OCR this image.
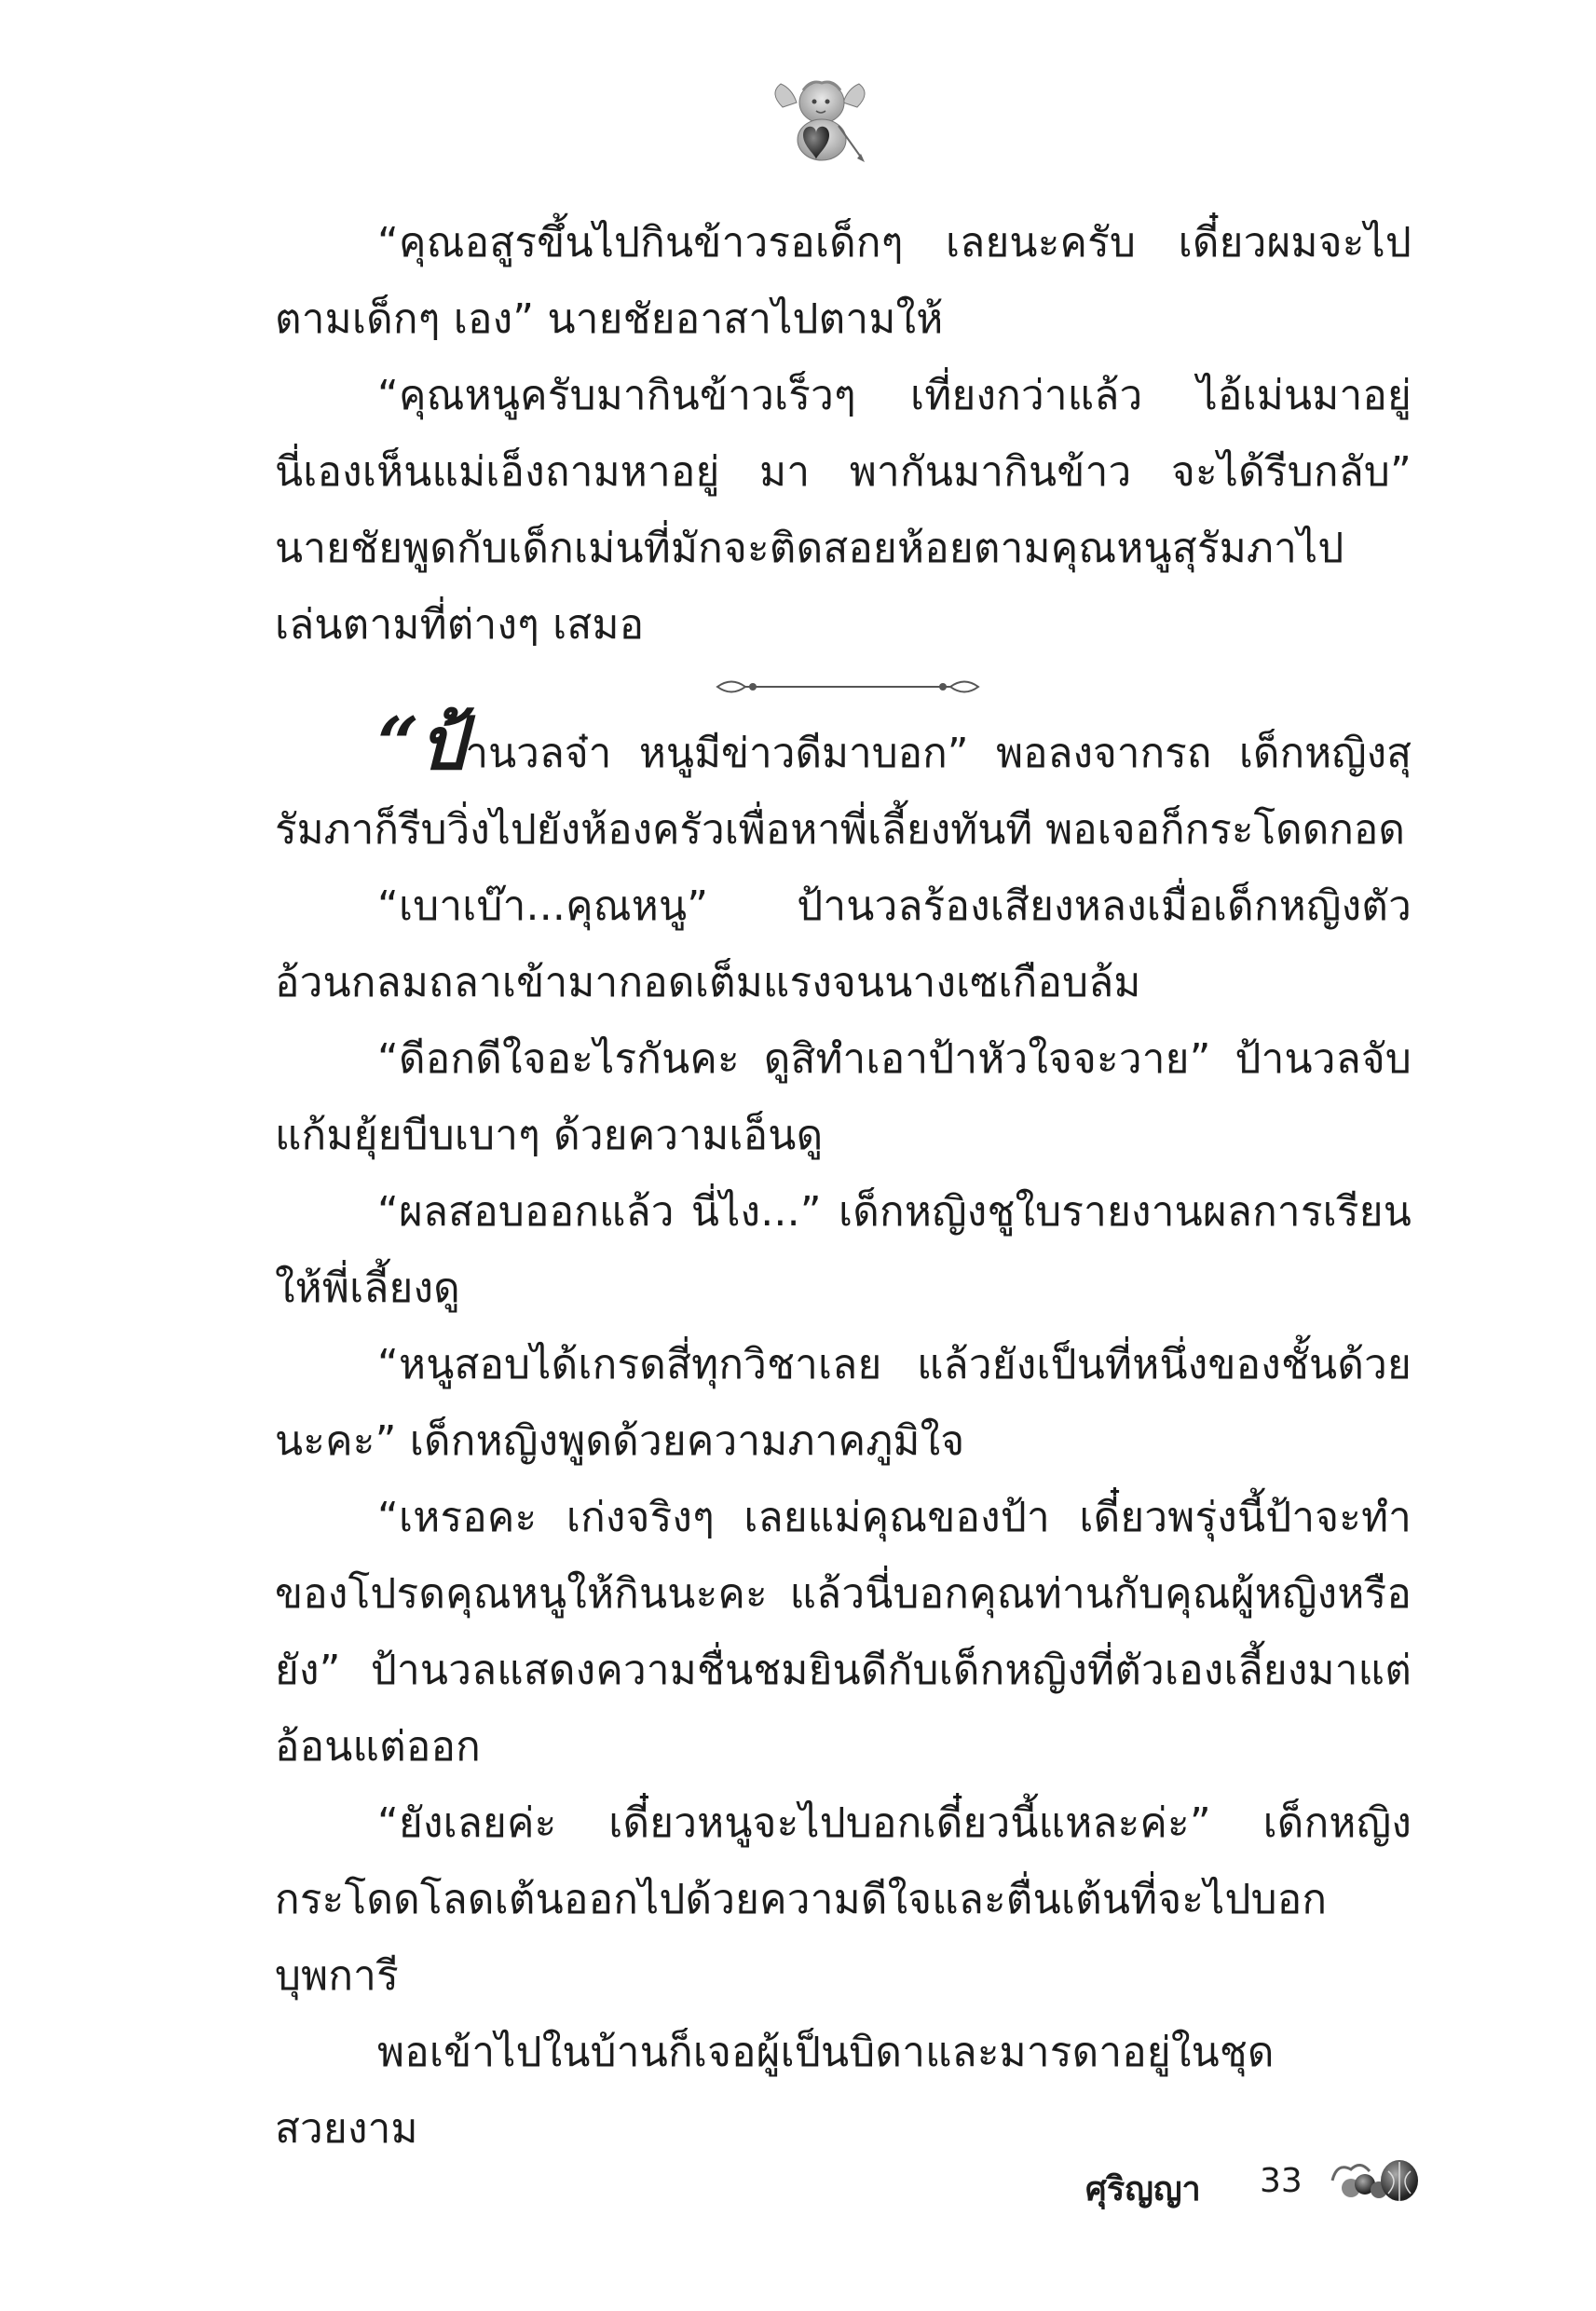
“คุณอสูรขึ้นไปกินข้าวรอเด็กๆ เลยนะครับ เดี๋ยวผมจะไปตามเด็กๆ เอง” นายชัยอาสาไปตามให้

“คุณหนูครับมากินข้าวเร็วๆ เที่ยงกว่าแล้ว ไอ้เม่นมาอยู่นี่เองเห็นแม่เอ็งถามหาอยู่ มา พากันมากินข้าว จะได้รีบกลับ” นายชัยพูดกับเด็กเม่นที่มักจะติดสอยห้อยตามคุณหนูสุรัมภาไปเล่นตามที่ต่างๆ เสมอ

“ป้านวลจ๋า หนูมีข่าวดีมาบอก” พอลงจากรถ เด็กหญิงสุรัมภาก็รีบวิ่งไปยังห้องครัวเพื่อหาพี่เลี้ยงทันที พอเจอก็กระโดดกอด

“เบาเบ๊า...คุณหนู” ป้านวลร้องเสียงหลงเมื่อเด็กหญิงตัวอ้วนกลมถลาเข้ามากอดเต็มแรงจนนางเซเกือบล้ม

“ดีอกดีใจอะไรกันคะ ดูสิทำเอาป้าหัวใจจะวาย” ป้านวลจับแก้มยุ้ยบีบเบาๆ ด้วยความเอ็นดู

“ผลสอบออกแล้ว นี่ไง...” เด็กหญิงชูใบรายงานผลการเรียนให้พี่เลี้ยงดู

“หนูสอบได้เกรดสี่ทุกวิชาเลย แล้วยังเป็นที่หนึ่งของชั้นด้วยนะคะ” เด็กหญิงพูดด้วยความภาคภูมิใจ

“เหรอคะ เก่งจริงๆ เลยแม่คุณของป้า เดี๋ยวพรุ่งนี้ป้าจะทำของโปรดคุณหนูให้กินนะคะ แล้วนี่บอกคุณท่านกับคุณผู้หญิงหรือยัง” ป้านวลแสดงความชื่นชมยินดีกับเด็กหญิงที่ตัวเองเลี้ยงมาแต่อ้อนแต่ออก

“ยังเลยค่ะ เดี๋ยวหนูจะไปบอกเดี๋ยวนี้แหละค่ะ” เด็กหญิงกระโดดโลดเต้นออกไปด้วยความดีใจและตื่นเต้นที่จะไปบอกบุพการี

พอเข้าไปในบ้านก็เจอผู้เป็นบิดาและมารดาอยู่ในชุดสวยงาม

ศุริญญา 33
